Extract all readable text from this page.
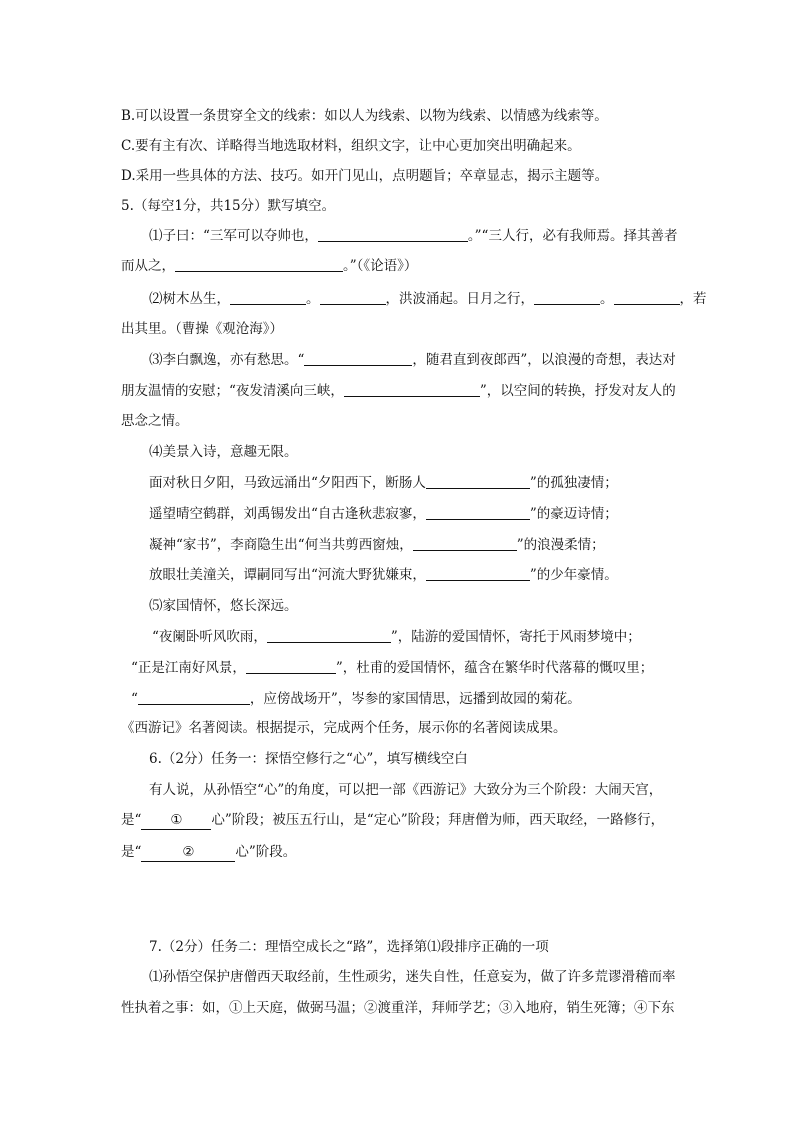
B.可以设置一条贯穿全文的线索：如以人为线索、以物为线索、以情感为线索等。
C.要有主有次、详略得当地选取材料，组织文字，让中心更加突出明确起来。
D.采用一些具体的方法、技巧。如开门见山，点明题旨；卒章显志，揭示主题等。
5.（每空1分，共15分）默写填空。
⑴子曰：“三军可以夺帅也，	。”“三人行，必有我师焉。择其善者
而从之，	。”（《论语》）
⑵树木丛生，	。	，洪波涌起。日月之行，	。	，若
出其里。（曹操《观沧海》）
⑶李白飘逸，亦有愁思。“	，随君直到夜郎西”，以浪漫的奇想，表达对
朋友温情的安慰；“夜发清溪向三峡，	”，以空间的转换，抒发对友人的
思念之情。
⑷美景入诗，意趣无限。
面对秋日夕阳，马致远涌出“夕阳西下，断肠人	”的孤独凄情；
遥望晴空鹤群，刘禹锡发出“自古逢秋悲寂寥，	”的豪迈诗情；
凝神“家书”，李商隐生出“何当共剪西窗烛，	”的浪漫柔情；
放眼壮美潼关，谭嗣同写出“河流大野犹嫌束，	”的少年豪情。
⑸家国情怀，悠长深远。
“夜阑卧听风吹雨，	”，陆游的爱国情怀，寄托于风雨梦境中；
“正是江南好风景，	”，杜甫的爱国情怀，蕴含在繁华时代落幕的慨叹里；
“	，应傍战场开”，岑参的家国情思，远播到故园的菊花。
《西游记》名著阅读。根据提示，完成两个任务，展示你的名著阅读成果。
6.（2分）任务一：探悟空修行之“心”，填写横线空白
有人说，从孙悟空“心”的角度，可以把一部《西游记》大致分为三个阶段：大闹天宫，
是“ ① 心”阶段；被压五行山，是“定心”阶段；拜唐僧为师，西天取经，一路修行，
是“	②	心”阶段。
7.（2分）任务二：理悟空成长之“路”，选择第⑴段排序正确的一项
⑴孙悟空保护唐僧西天取经前，生性顽劣，迷失自性，任意妄为，做了许多荒谬滑稽而率
性执着之事：如，①上天庭，做弼马温；②渡重洋，拜师学艺；③入地府，销生死簿；④下东
